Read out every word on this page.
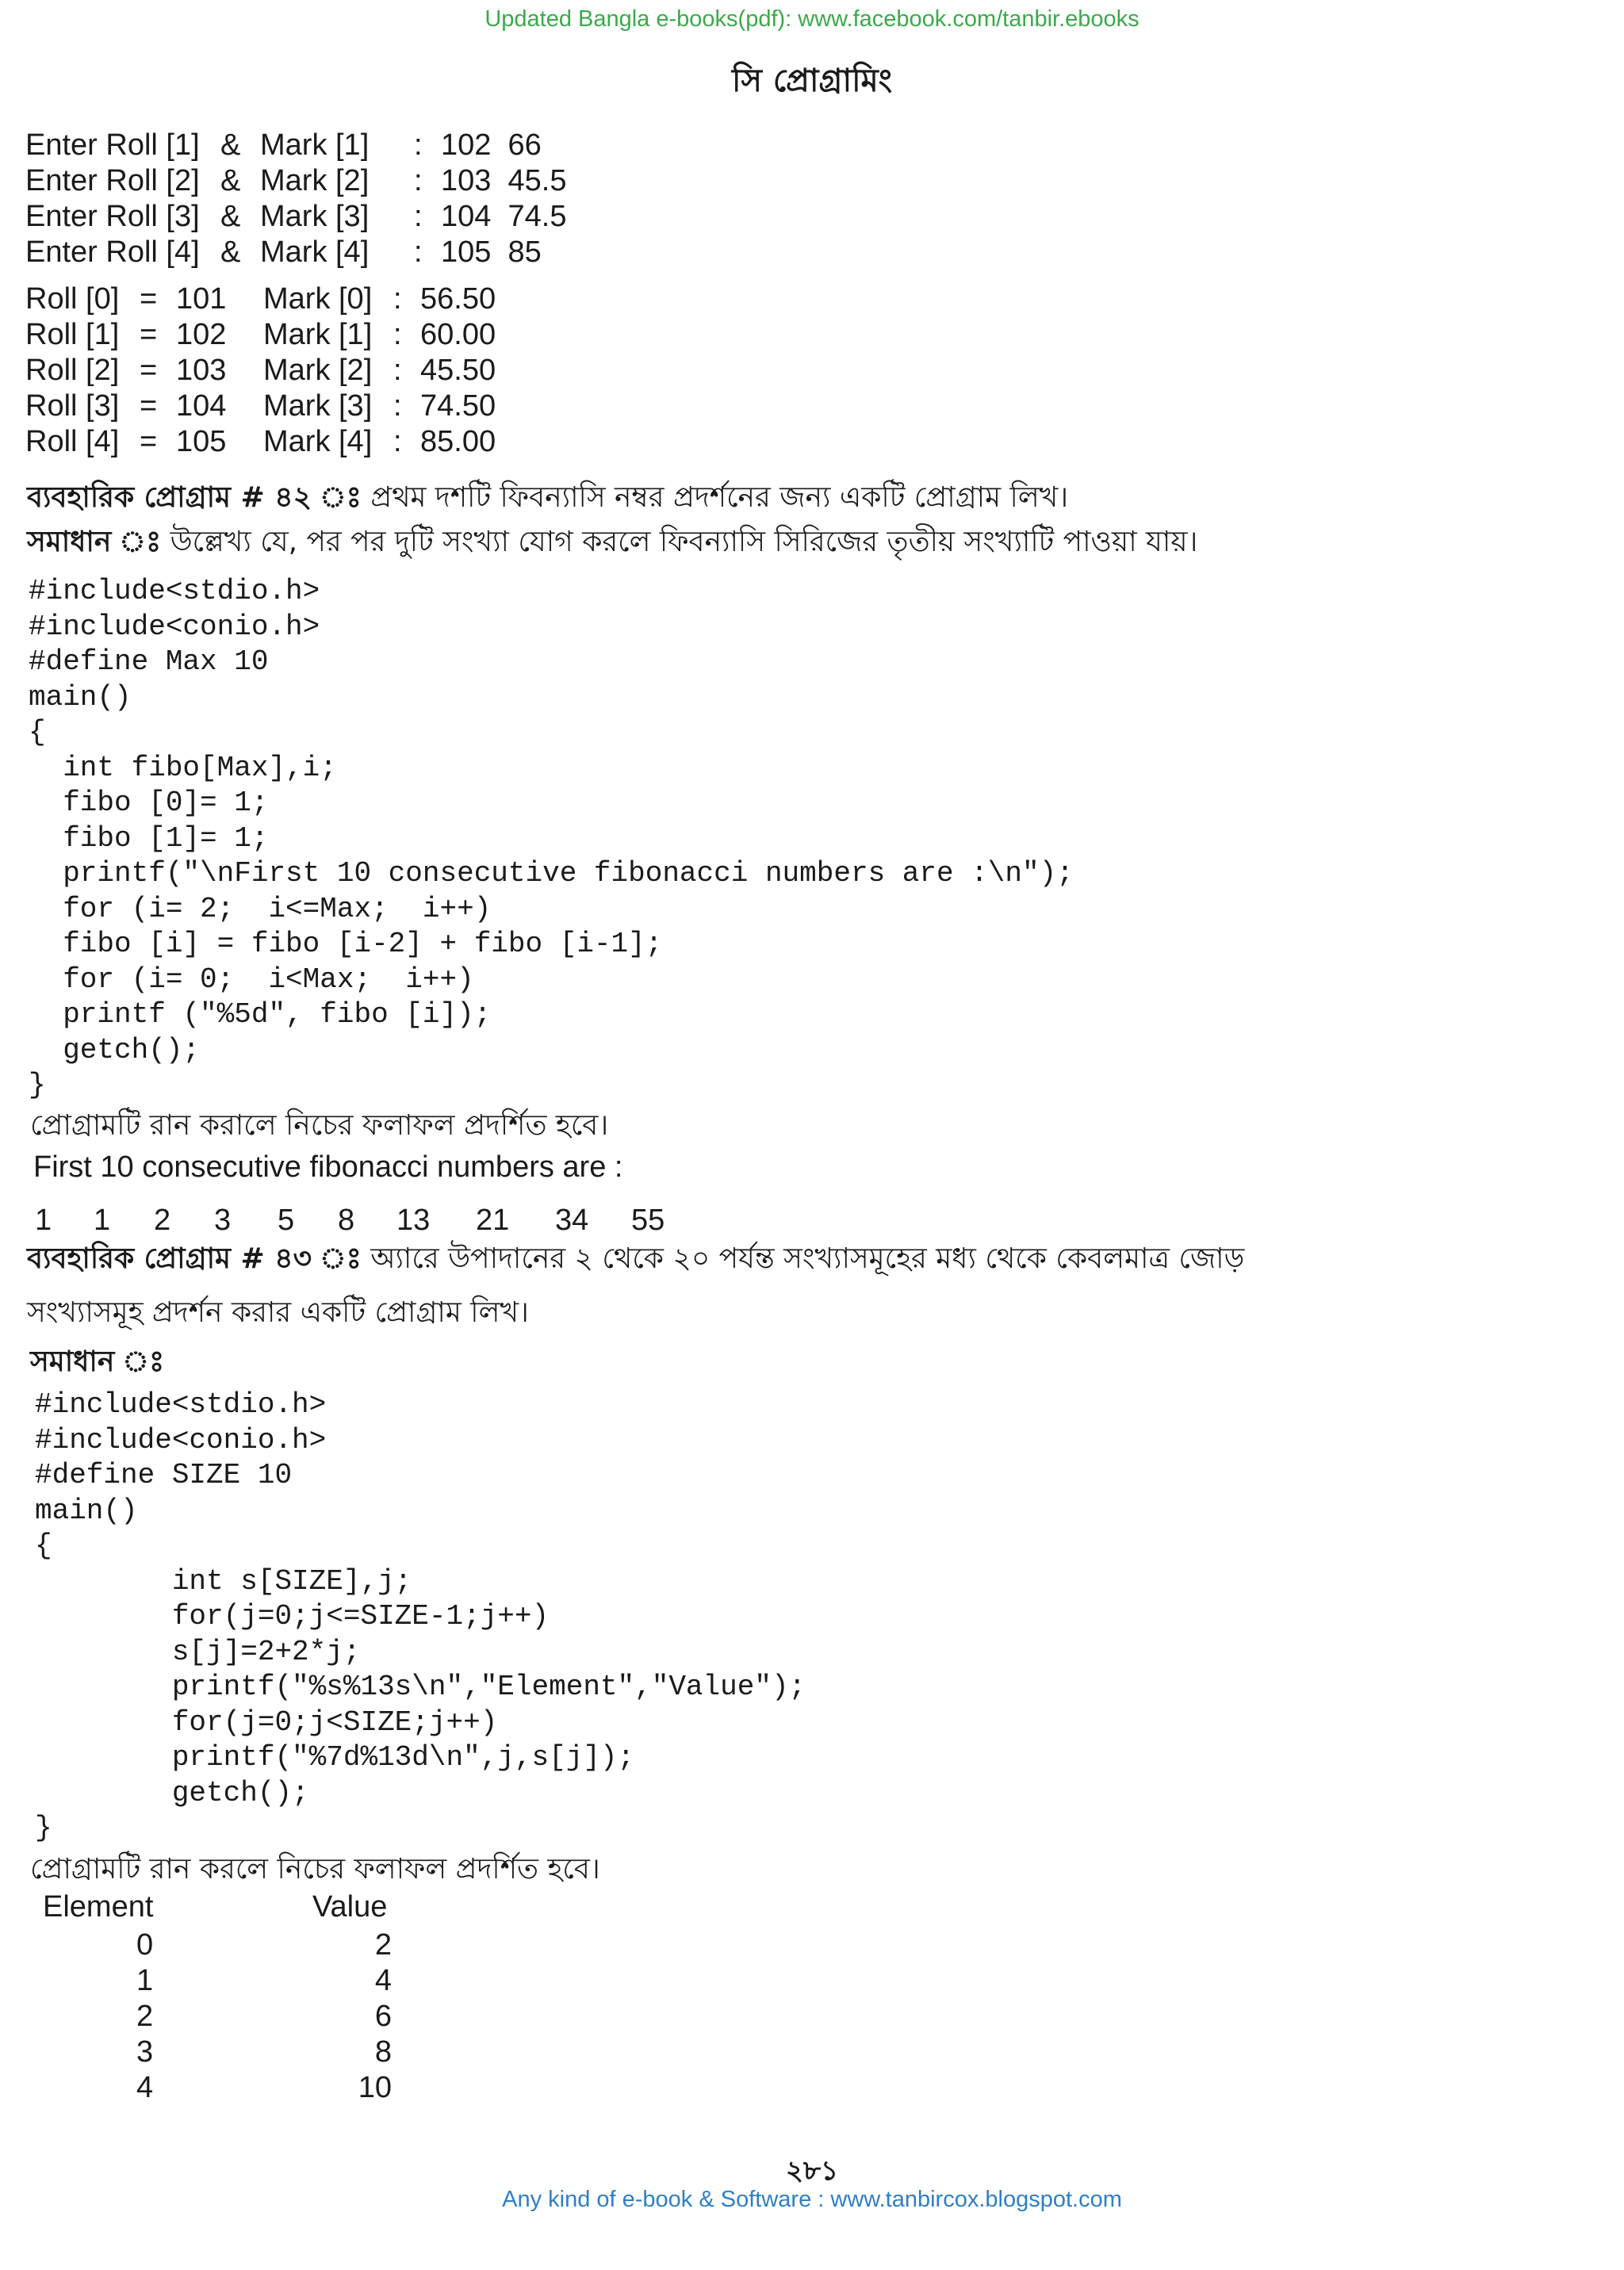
Updated Bangla e-books(pdf): www.facebook.com/tanbir.ebooks
সি প্রোগ্রামিং
Enter Roll [1] & Mark [1] : 102  66
Enter Roll [2] & Mark [2] : 103  45.5
Enter Roll [3] & Mark [3] : 104  74.5
Enter Roll [4] & Mark [4] : 105  85
Roll [0] = 101 Mark [0] : 56.50
Roll [1] = 102 Mark [1] : 60.00
Roll [2] = 103 Mark [2] : 45.50
Roll [3] = 104 Mark [3] : 74.50
Roll [4] = 105 Mark [4] : 85.00
ব্যবহারিক প্রোগ্রাম # ৪২ ঃ প্রথম দশটি ফিবন্যাসি নম্বর প্রদর্শনের জন্য একটি প্রোগ্রাম লিখ।
সমাধান ঃ উল্লেখ্য যে, পর পর দুটি সংখ্যা যোগ করলে ফিবন্যাসি সিরিজের তৃতীয় সংখ্যাটি পাওয়া যায়।
#include<stdio.h>
#include<conio.h>
#define Max 10
main()
{
int fibo[Max],i;
fibo [0]= 1;
fibo [1]= 1;
printf("\nFirst 10 consecutive fibonacci numbers are :\n");
for (i= 2;  i<=Max;  i++)
fibo [i] = fibo [i-2] + fibo [i-1];
for (i= 0;  i<Max;  i++)
printf ("%5d", fibo [i]);
getch();
}
প্রোগ্রামটি রান করালে নিচের ফলাফল প্রদর্শিত হবে।
First 10 consecutive fibonacci numbers are :
1 1 2 3 5 8 13 21 34 55
ব্যবহারিক প্রোগ্রাম # ৪৩ ঃ অ্যারে উপাদানের ২ থেকে ২০ পর্যন্ত সংখ্যাসমূহের মধ্য থেকে কেবলমাত্র জোড়
সংখ্যাসমূহ প্রদর্শন করার একটি প্রোগ্রাম লিখ।
সমাধান ঃ
#include<stdio.h>
#include<conio.h>
#define SIZE 10
main()
{
int s[SIZE],j;
for(j=0;j<=SIZE-1;j++)
s[j]=2+2*j;
printf("%s%13s\n","Element","Value");
for(j=0;j<SIZE;j++)
printf("%7d%13d\n",j,s[j]);
getch();
}
প্রোগ্রামটি রান করলে নিচের ফলাফল প্রদর্শিত হবে।
Element	Value
0	2
1	4
2	6
3	8
4	10
২৮১
Any kind of e-book & Software : www.tanbircox.blogspot.com
